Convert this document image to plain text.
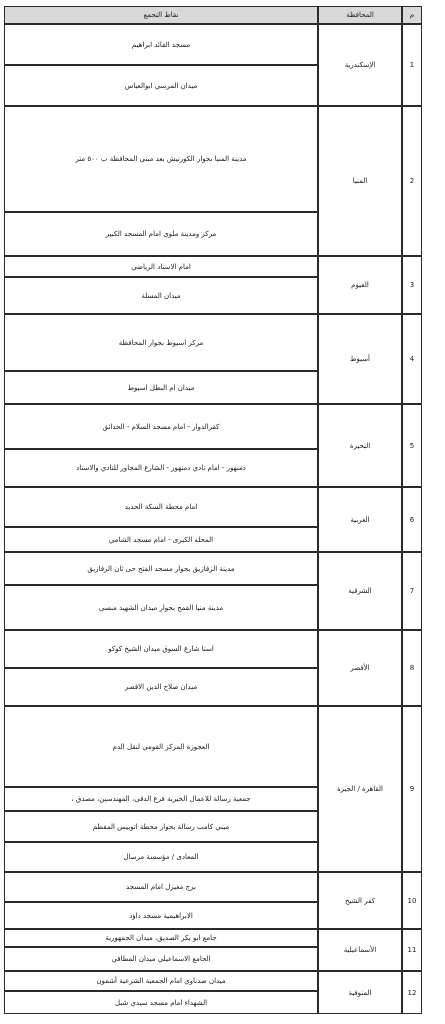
نقاط التجمع	المحافظة	م
مسجد القائد ابراهيم
ميدان المرسي ابوالعباس
الإسكندرية	1
مدينة المنيا بجوار الكورنيش بعد مبنى المحافظة ب ٥٠٠ متر
مركز ومدينة ملوي امام المسجد الكبير
المنيا	2
امام الاستاد الرياضي
ميدان المسلة
الفيوم	3
مركز اسيوط بجوار المحافظة
ميدان ام البطل اسيوط
أسيوط	4
كفرالدوار - امام مسجد السلام - الحدائق
دمنهور - امام نادي دمنهور - الشارع المجاور للنادي والاستاد
البحيرة	5
امام محطة السكة الحديد
المحله الكبرى - امام مسجد الشامي
الغربية	6
مدينة الزقازيق بجوار مسجد الفتح حى ثان الزقازيق
مدينة منيا القمح بجوار ميدان الشهيد منسى
الشرقية	7
اسنا شارع السوق ميدان الشيخ كوكو
ميدان صلاح الدين الاقصر
الأقصر	8
العجوزة المركز القومي لنقل الدم
جمعية رسالة للاعمال الخيرية فرع الدقى، المهندسين، مصدق ،
ميني كامب رسالة بجوار محطة اتوبيس المقطم
المعادى / مؤسسة مرسال
القاهرة / الجيزة	9
برج مغيزل امام المسجد
الابراهيمية مسجد داؤد
كفر الشيخ	10
جامع ابو بكر الصديق، ميدان الجمهورية
الجامع الاسماعيلي ميدان المطافي
الأسماعيلية	11
ميدان صدناوي امام الجمعية الشرعية أشمون
الشهداء امام مسجد سيدي شبل
المنوفية	12
